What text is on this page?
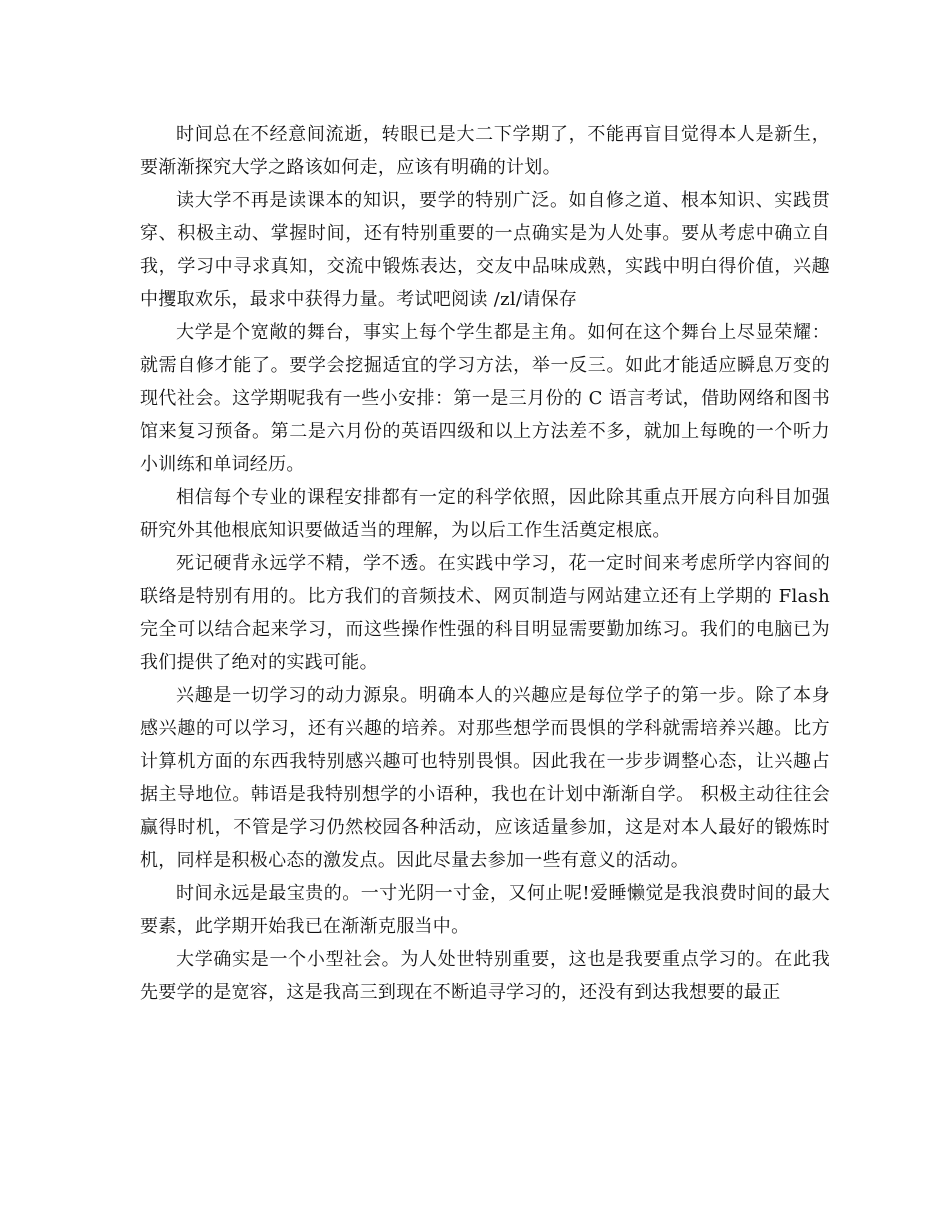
时间总在不经意间流逝，转眼已是大二下学期了，不能再盲目觉得本人是新生，要渐渐探究大学之路该如何走，应该有明确的计划。

读大学不再是读课本的知识，要学的特别广泛。如自修之道、根本知识、实践贯穿、积极主动、掌握时间，还有特别重要的一点确实是为人处事。要从考虑中确立自我，学习中寻求真知，交流中锻炼表达，交友中品味成熟，实践中明白得价值，兴趣中攫取欢乐，最求中获得力量。考试吧阅读 /zl/请保存

大学是个宽敞的舞台，事实上每个学生都是主角。如何在这个舞台上尽显荣耀：就需自修才能了。要学会挖掘适宜的学习方法，举一反三。如此才能适应瞬息万变的现代社会。这学期呢我有一些小安排：第一是三月份的 C 语言考试，借助网络和图书馆来复习预备。第二是六月份的英语四级和以上方法差不多，就加上每晚的一个听力小训练和单词经历。

相信每个专业的课程安排都有一定的科学依照，因此除其重点开展方向科目加强研究外其他根底知识要做适当的理解，为以后工作生活奠定根底。

死记硬背永远学不精，学不透。在实践中学习，花一定时间来考虑所学内容间的联络是特别有用的。比方我们的音频技术、网页制造与网站建立还有上学期的 Flash 完全可以结合起来学习，而这些操作性强的科目明显需要勤加练习。我们的电脑已为我们提供了绝对的实践可能。

兴趣是一切学习的动力源泉。明确本人的兴趣应是每位学子的第一步。除了本身感兴趣的可以学习，还有兴趣的培养。对那些想学而畏惧的学科就需培养兴趣。比方计算机方面的东西我特别感兴趣可也特别畏惧。因此我在一步步调整心态，让兴趣占据主导地位。韩语是我特别想学的小语种，我也在计划中渐渐自学。 积极主动往往会赢得时机，不管是学习仍然校园各种活动，应该适量参加，这是对本人最好的锻炼时机，同样是积极心态的激发点。因此尽量去参加一些有意义的活动。

时间永远是最宝贵的。一寸光阴一寸金，又何止呢!爱睡懒觉是我浪费时间的最大要素，此学期开始我已在渐渐克服当中。

大学确实是一个小型社会。为人处世特别重要，这也是我要重点学习的。在此我先要学的是宽容，这是我高三到现在不断追寻学习的，还没有到达我想要的最正
